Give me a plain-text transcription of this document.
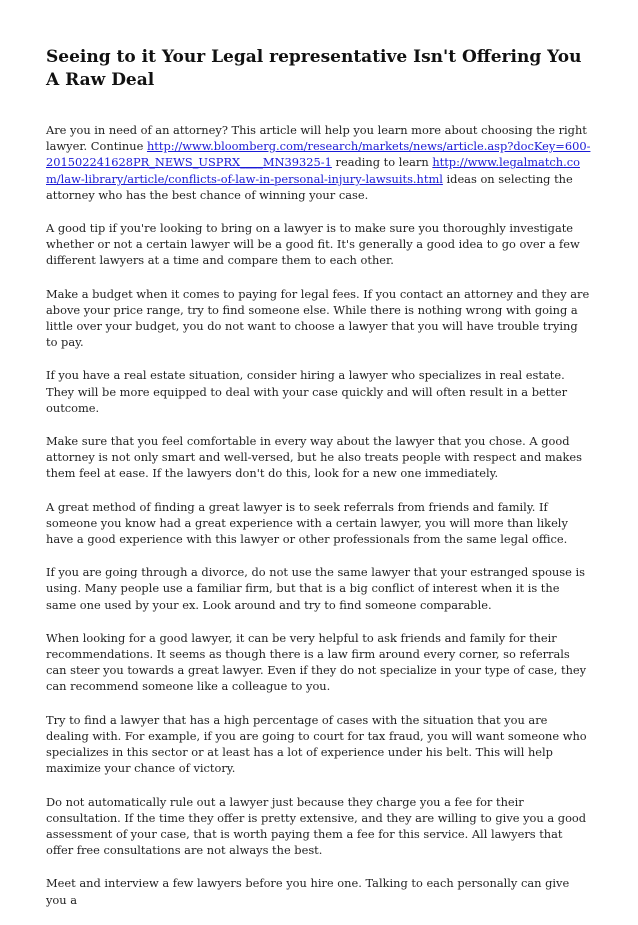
Seeing to it Your Legal representative Isn't Offering You A Raw Deal

Are you in need of an attorney? This article will help you learn more about choosing the right lawyer. Continue http://www.bloomberg.com/research/markets/news/article.asp?docKey=600-201502241628PR_NEWS_USPRX____MN39325-1 reading to learn http://www.legalmatch.com/law-library/article/conflicts-of-law-in-personal-injury-lawsuits.html ideas on selecting the attorney who has the best chance of winning your case.

A good tip if you're looking to bring on a lawyer is to make sure you thoroughly investigate whether or not a certain lawyer will be a good fit. It's generally a good idea to go over a few different lawyers at a time and compare them to each other.

Make a budget when it comes to paying for legal fees. If you contact an attorney and they are above your price range, try to find someone else. While there is nothing wrong with going a little over your budget, you do not want to choose a lawyer that you will have trouble trying to pay.

If you have a real estate situation, consider hiring a lawyer who specializes in real estate. They will be more equipped to deal with your case quickly and will often result in a better outcome.

Make sure that you feel comfortable in every way about the lawyer that you chose. A good attorney is not only smart and well-versed, but he also treats people with respect and makes them feel at ease. If the lawyers don't do this, look for a new one immediately.

A great method of finding a great lawyer is to seek referrals from friends and family. If someone you know had a great experience with a certain lawyer, you will more than likely have a good experience with this lawyer or other professionals from the same legal office.

If you are going through a divorce, do not use the same lawyer that your estranged spouse is using. Many people use a familiar firm, but that is a big conflict of interest when it is the same one used by your ex. Look around and try to find someone comparable.

When looking for a good lawyer, it can be very helpful to ask friends and family for their recommendations. It seems as though there is a law firm around every corner, so referrals can steer you towards a great lawyer. Even if they do not specialize in your type of case, they can recommend someone like a colleague to you.

Try to find a lawyer that has a high percentage of cases with the situation that you are dealing with. For example, if you are going to court for tax fraud, you will want someone who specializes in this sector or at least has a lot of experience under his belt. This will help maximize your chance of victory.

Do not automatically rule out a lawyer just because they charge you a fee for their consultation. If the time they offer is pretty extensive, and they are willing to give you a good assessment of your case, that is worth paying them a fee for this service. All lawyers that offer free consultations are not always the best.

Meet and interview a few lawyers before you hire one. Talking to each personally can give you a
